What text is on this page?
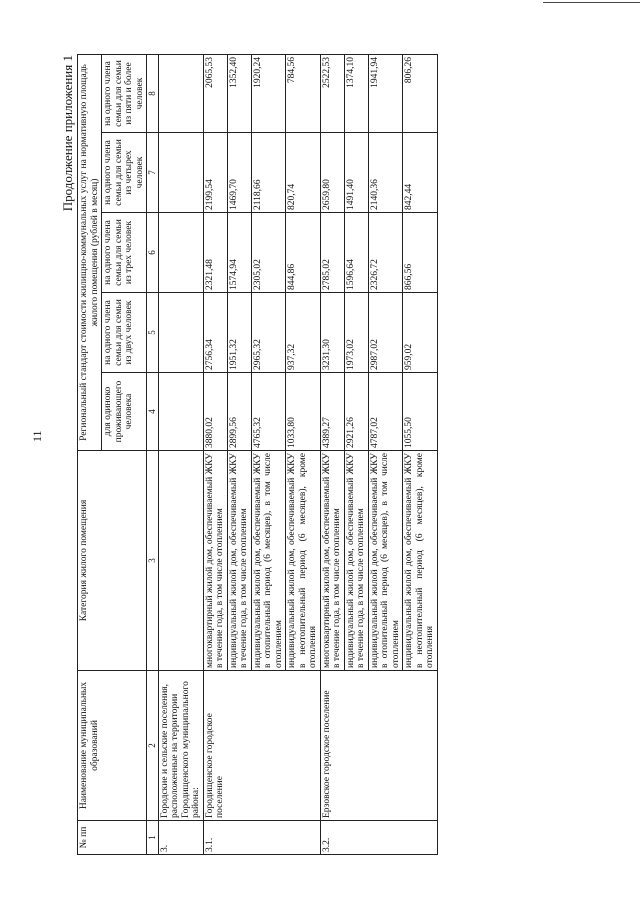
11
Продолжение приложения 1
№ пп	Наименование муниципальных образований	Категория жилого помещения	Региональный стандарт стоимости жилищно-коммунальных услуг на нормативную площадь жилого помещения (рублей в месяц)				
			для одиноко проживающего человека	на одного члена семьи для семьи из двух человек	на одного члена семьи для семьи из трех человек	на одного члена семьи для семьи из четырех человек	на одного члена семьи для семьи из пяти и более человек
1	2	3	4	5	6	7	8
3.	Городские и сельские поселения, расположенные на территории Городищенского муниципального района:						
3.1.	Городищенское городское поселение	многоквартирный жилой дом, обеспечиваемый ЖКУ в течение года, в том числе отоплением	3880,02	2756,34	2321,48	2199,54	2065,53
		индивидуальный жилой дом, обеспечиваемый ЖКУ в течение года, в том числе отоплением	2899,56	1951,32	1574,94	1469,70	1352,40
		индивидуальный жилой дом, обеспечиваемый ЖКУ в отопительный период (6 месяцев), в том числе отоплением	4765,32	2965,32	2305,02	2118,66	1920,24
		индивидуальный жилой дом, обеспечиваемый ЖКУ в неотопительный период (6 месяцев), кроме отопления	1033,80	937,32	844,86	820,74	784,56
3.2.	Ерзовское городское поселение	многоквартирный жилой дом, обеспечиваемый ЖКУ в течение года, в том числе отоплением	4389,27	3231,30	2785,02	2659,80	2522,53
		индивидуальный жилой дом, обеспечиваемый ЖКУ в течение года, в том числе отоплением	2921,26	1973,02	1596,64	1491,40	1374,10
		индивидуальный жилой дом, обеспечиваемый ЖКУ в отопительный период (6 месяцев), в том числе отоплением	4787,02	2987,02	2326,72	2140,36	1941,94
		индивидуальный жилой дом, обеспечиваемый ЖКУ в неотопительный период (6 месяцев), кроме отопления	1055,50	959,02	866,56	842,44	806,26
